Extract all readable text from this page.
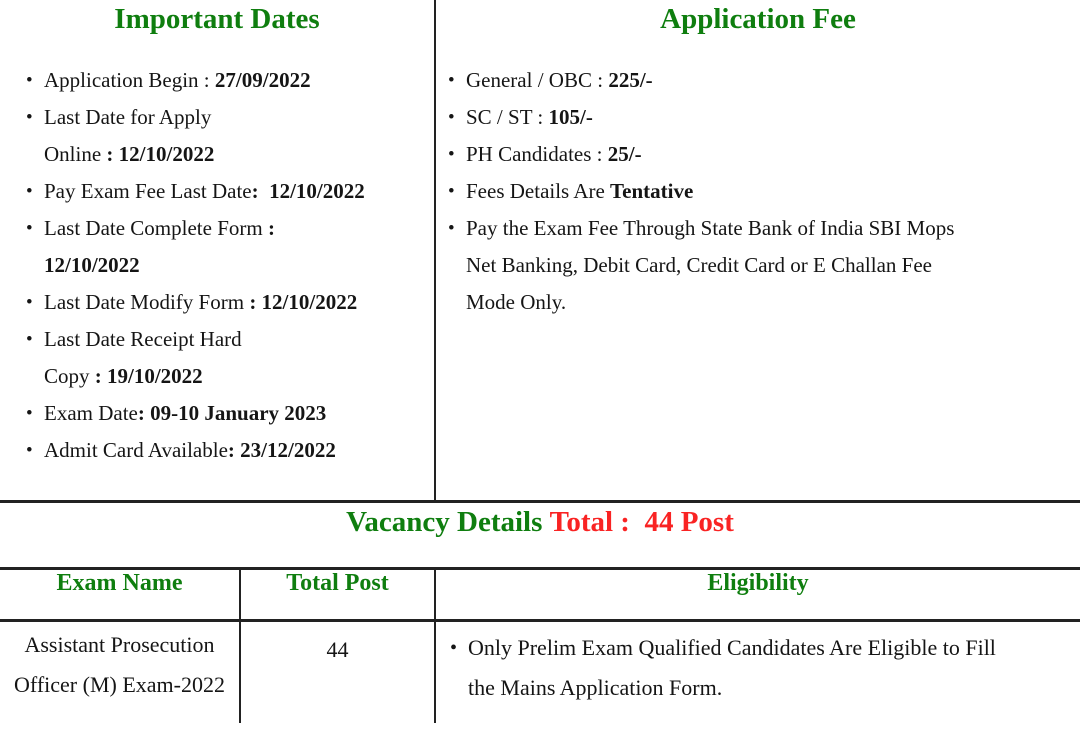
Important Dates
• Application Begin : 27/09/2022
• Last Date for Apply
Online : 12/10/2022
• Pay Exam Fee Last Date:  12/10/2022
• Last Date Complete Form :
12/10/2022
• Last Date Modify Form : 12/10/2022
• Last Date Receipt Hard
Copy : 19/10/2022
• Exam Date: 09-10 January 2023
• Admit Card Available: 23/12/2022
Application Fee
• General / OBC : 225/-
• SC / ST : 105/-
• PH Candidates : 25/-
• Fees Details Are Tentative
• Pay the Exam Fee Through State Bank of India SBI Mops
Net Banking, Debit Card, Credit Card or E Challan Fee
Mode Only.
Vacancy Details Total :  44 Post
Exam Name	Total Post	Eligibility

Assistant Prosecution
Officer (M) Exam-2022	44	• Only Prelim Exam Qualified Candidates Are Eligible to Fill
the Mains Application Form.
